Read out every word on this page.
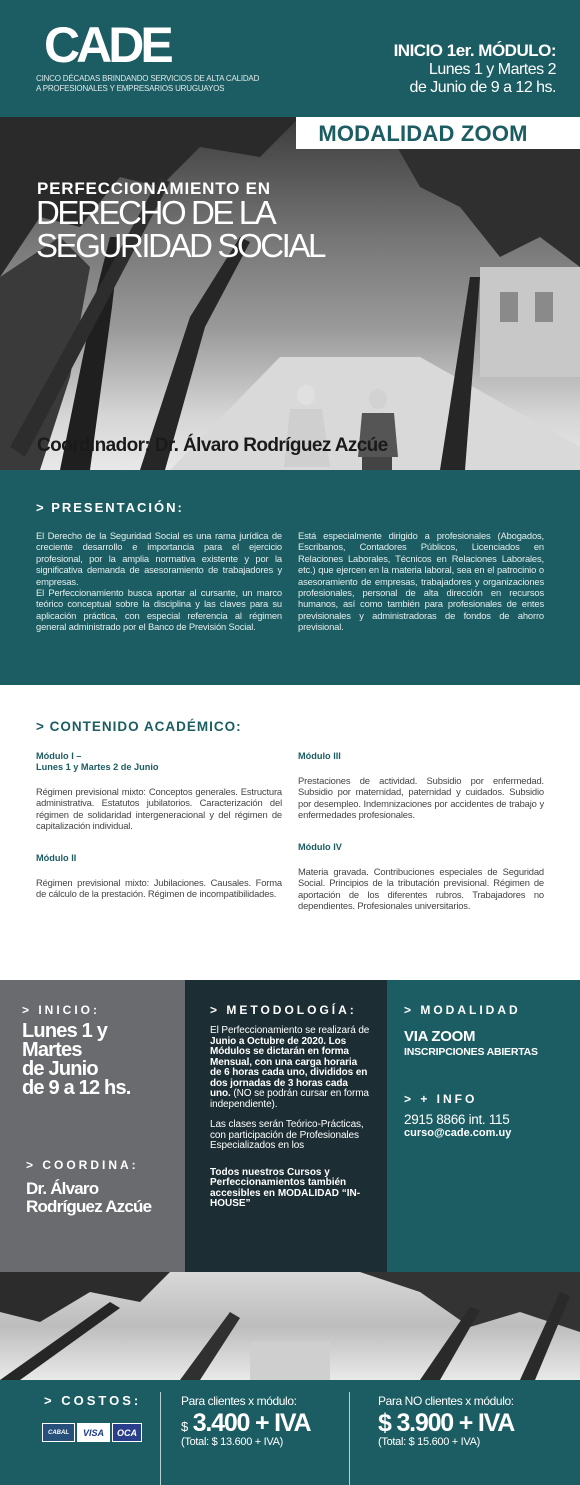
CADE
CINCO DÉCADAS BRINDANDO SERVICIOS DE ALTA CALIDAD
A PROFESIONALES Y EMPRESARIOS URUGUAYOS
INICIO 1er. MÓDULO:
Lunes 1 y Martes 2
de Junio de 9 a 12 hs.
MODALIDAD ZOOM
PERFECCIONAMIENTO EN
DERECHO DE LA
SEGURIDAD SOCIAL
Coordinador: Dr. Álvaro Rodríguez Azcúe
> PRESENTACIÓN:
El Derecho de la Seguridad Social es una rama jurídica de creciente desarrollo e importancia para el ejercicio profesional, por la amplia normativa existente y por la significativa demanda de asesoramiento de trabajadores y empresas.
El Perfeccionamiento busca aportar al cursante, un marco teórico conceptual sobre la disciplina y las claves para su aplicación práctica, con especial referencia al régimen general administrado por el Banco de Previsión Social.
Está especialmente dirigido a profesionales (Abogados, Escribanos, Contadores Públicos, Licenciados en Relaciones Laborales, Técnicos en Relaciones Laborales, etc.) que ejercen en la materia laboral, sea en el patrocinio o asesoramiento de empresas, trabajadores y organizaciones profesionales, personal de alta dirección en recursos humanos, así como también para profesionales de entes previsionales y administradoras de fondos de ahorro previsional.
> CONTENIDO ACADÉMICO:
Módulo I –
Lunes 1 y Martes 2 de Junio
Régimen previsional mixto: Conceptos generales. Estructura administrativa. Estatutos jubilatorios. Caracterización del régimen de solidaridad intergeneracional y del régimen de capitalización individual.
Módulo II
Régimen previsional mixto: Jubilaciones. Causales. Forma de cálculo de la prestación. Régimen de incompatibilidades.
Módulo III
Prestaciones de actividad. Subsidio por enfermedad. Subsidio por maternidad, paternidad y cuidados. Subsidio por desempleo. Indemnizaciones por accidentes de trabajo y enfermedades profesionales.
Módulo IV
Materia gravada. Contribuciones especiales de Seguridad Social. Principios de la tributación previsional. Régimen de aportación de los diferentes rubros. Trabajadores no dependientes. Profesionales universitarios.
> INICIO:
Lunes 1 y
Martes
de Junio
de 9 a 12 hs.
> COORDINA:
Dr. Álvaro
Rodríguez Azcúe
> METODOLOGÍA:
El Perfeccionamiento se realizará de Junio a Octubre de 2020. Los Módulos se dictarán en forma Mensual, con una carga horaria de 6 horas cada uno, divididos en dos jornadas de 3 horas cada uno. (NO se podrán cursar en forma independiente).
Las clases serán Teórico-Prácticas, con participación de Profesionales Especializados en los
Todos nuestros Cursos y Perfeccionamientos también accesibles en MODALIDAD “IN-HOUSE”
> MODALIDAD
VIA ZOOM
INSCRIPCIONES ABIERTAS
> + INFO
2915 8866 int. 115
curso@cade.com.uy
> COSTOS:
CABAL	VISA	OCA
Para clientes x módulo:
$ 3.400 + IVA
(Total: $ 13.600 + IVA)
Para NO clientes x módulo:
$ 3.900 + IVA
(Total: $ 15.600 + IVA)
